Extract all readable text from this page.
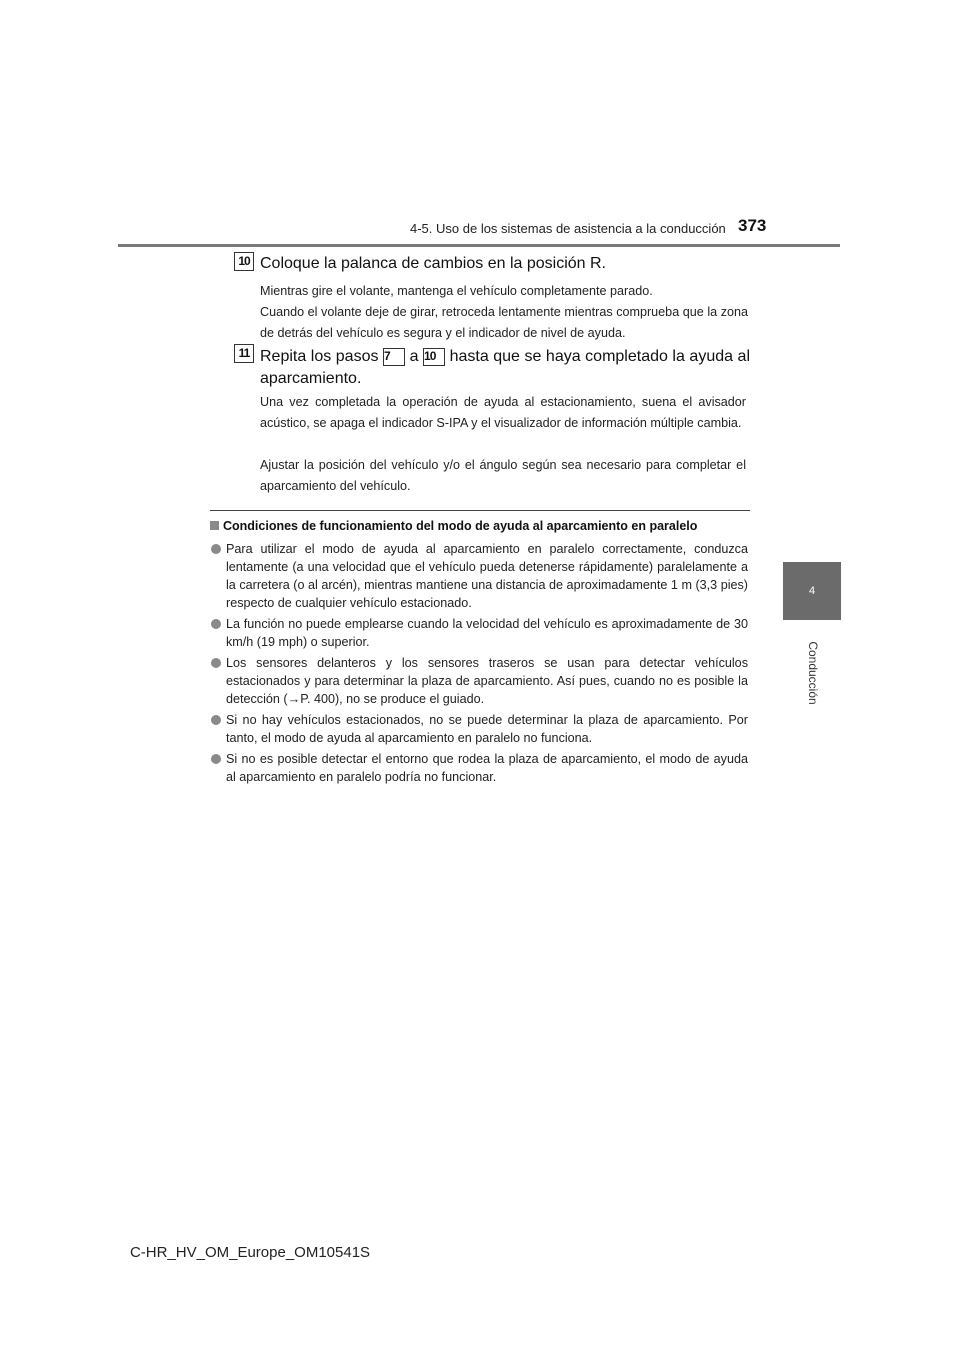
4-5. Uso de los sistemas de asistencia a la conducción 373
4
Conducción
10 Coloque la palanca de cambios en la posición R.
Mientras gire el volante, mantenga el vehículo completamente parado.
Cuando el volante deje de girar, retroceda lentamente mientras comprueba que la zona de detrás del vehículo es segura y el indicador de nivel de ayuda.
11 Repita los pasos 7 a 10 hasta que se haya completado la ayuda al aparcamiento.
Una vez completada la operación de ayuda al estacionamiento, suena el avisador acústico, se apaga el indicador S-IPA y el visualizador de información múltiple cambia.
Ajustar la posición del vehículo y/o el ángulo según sea necesario para completar el aparcamiento del vehículo.
Condiciones de funcionamiento del modo de ayuda al aparcamiento en paralelo
Para utilizar el modo de ayuda al aparcamiento en paralelo correctamente, conduzca lentamente (a una velocidad que el vehículo pueda detenerse rápidamente) paralelamente a la carretera (o al arcén), mientras mantiene una distancia de aproximadamente 1 m (3,3 pies) respecto de cualquier vehículo estacionado.
La función no puede emplearse cuando la velocidad del vehículo es aproximadamente de 30 km/h (19 mph) o superior.
Los sensores delanteros y los sensores traseros se usan para detectar vehículos estacionados y para determinar la plaza de aparcamiento. Así pues, cuando no es posible la detección (→P. 400), no se produce el guiado.
Si no hay vehículos estacionados, no se puede determinar la plaza de aparcamiento. Por tanto, el modo de ayuda al aparcamiento en paralelo no funciona.
Si no es posible detectar el entorno que rodea la plaza de aparcamiento, el modo de ayuda al aparcamiento en paralelo podría no funcionar.
C-HR_HV_OM_Europe_OM10541S
